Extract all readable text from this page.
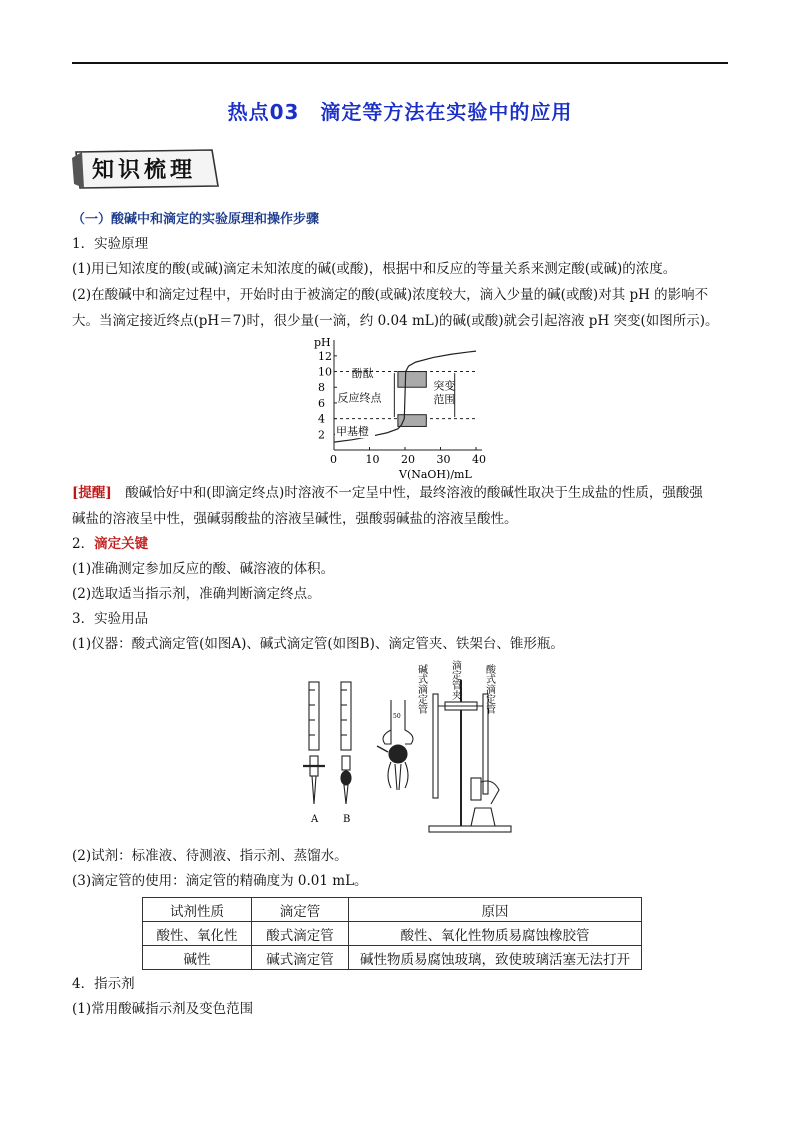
热点03　滴定等方法在实验中的应用
知识梳理
（一）酸碱中和滴定的实验原理和操作步骤
1．实验原理
(1)用已知浓度的酸(或碱)滴定未知浓度的碱(或酸)，根据中和反应的等量关系来测定酸(或碱)的浓度。
(2)在酸碱中和滴定过程中，开始时由于被滴定的酸(或碱)浓度较大，滴入少量的碱(或酸)对其 pH 的影响不
大。当滴定接近终点(pH＝7)时，很少量(一滴，约 0.04 mL)的碱(或酸)就会引起溶液 pH 突变(如图所示)。
pH
V(NaOH)/mL
0	10 20 30 40
2
4
6
8
10
12
酚酞
反应终点
甲基橙
突变
范围
[提醒]　酸碱恰好中和(即滴定终点)时溶液不一定呈中性，最终溶液的酸碱性取决于生成盐的性质，强酸强
碱盐的溶液呈中性，强碱弱酸盐的溶液呈碱性，强酸弱碱盐的溶液呈酸性。
2．滴定关键
(1)准确测定参加反应的酸、碱溶液的体积。
(2)选取适当指示剂，准确判断滴定终点。
3．实验用品
(1)仪器：酸式滴定管(如图A)、碱式滴定管(如图B)、滴定管夹、铁架台、锥形瓶。
A B
50
碱式滴定管 滴定管夹 酸式滴定管
(2)试剂：标准液、待测液、指示剂、蒸馏水。
(3)滴定管的使用：滴定管的精确度为 0.01 mL。
试剂性质	滴定管	原因
酸性、氧化性	酸式滴定管	酸性、氧化性物质易腐蚀橡胶管
碱性	碱式滴定管	碱性物质易腐蚀玻璃，致使玻璃活塞无法打开
4．指示剂
(1)常用酸碱指示剂及变色范围
